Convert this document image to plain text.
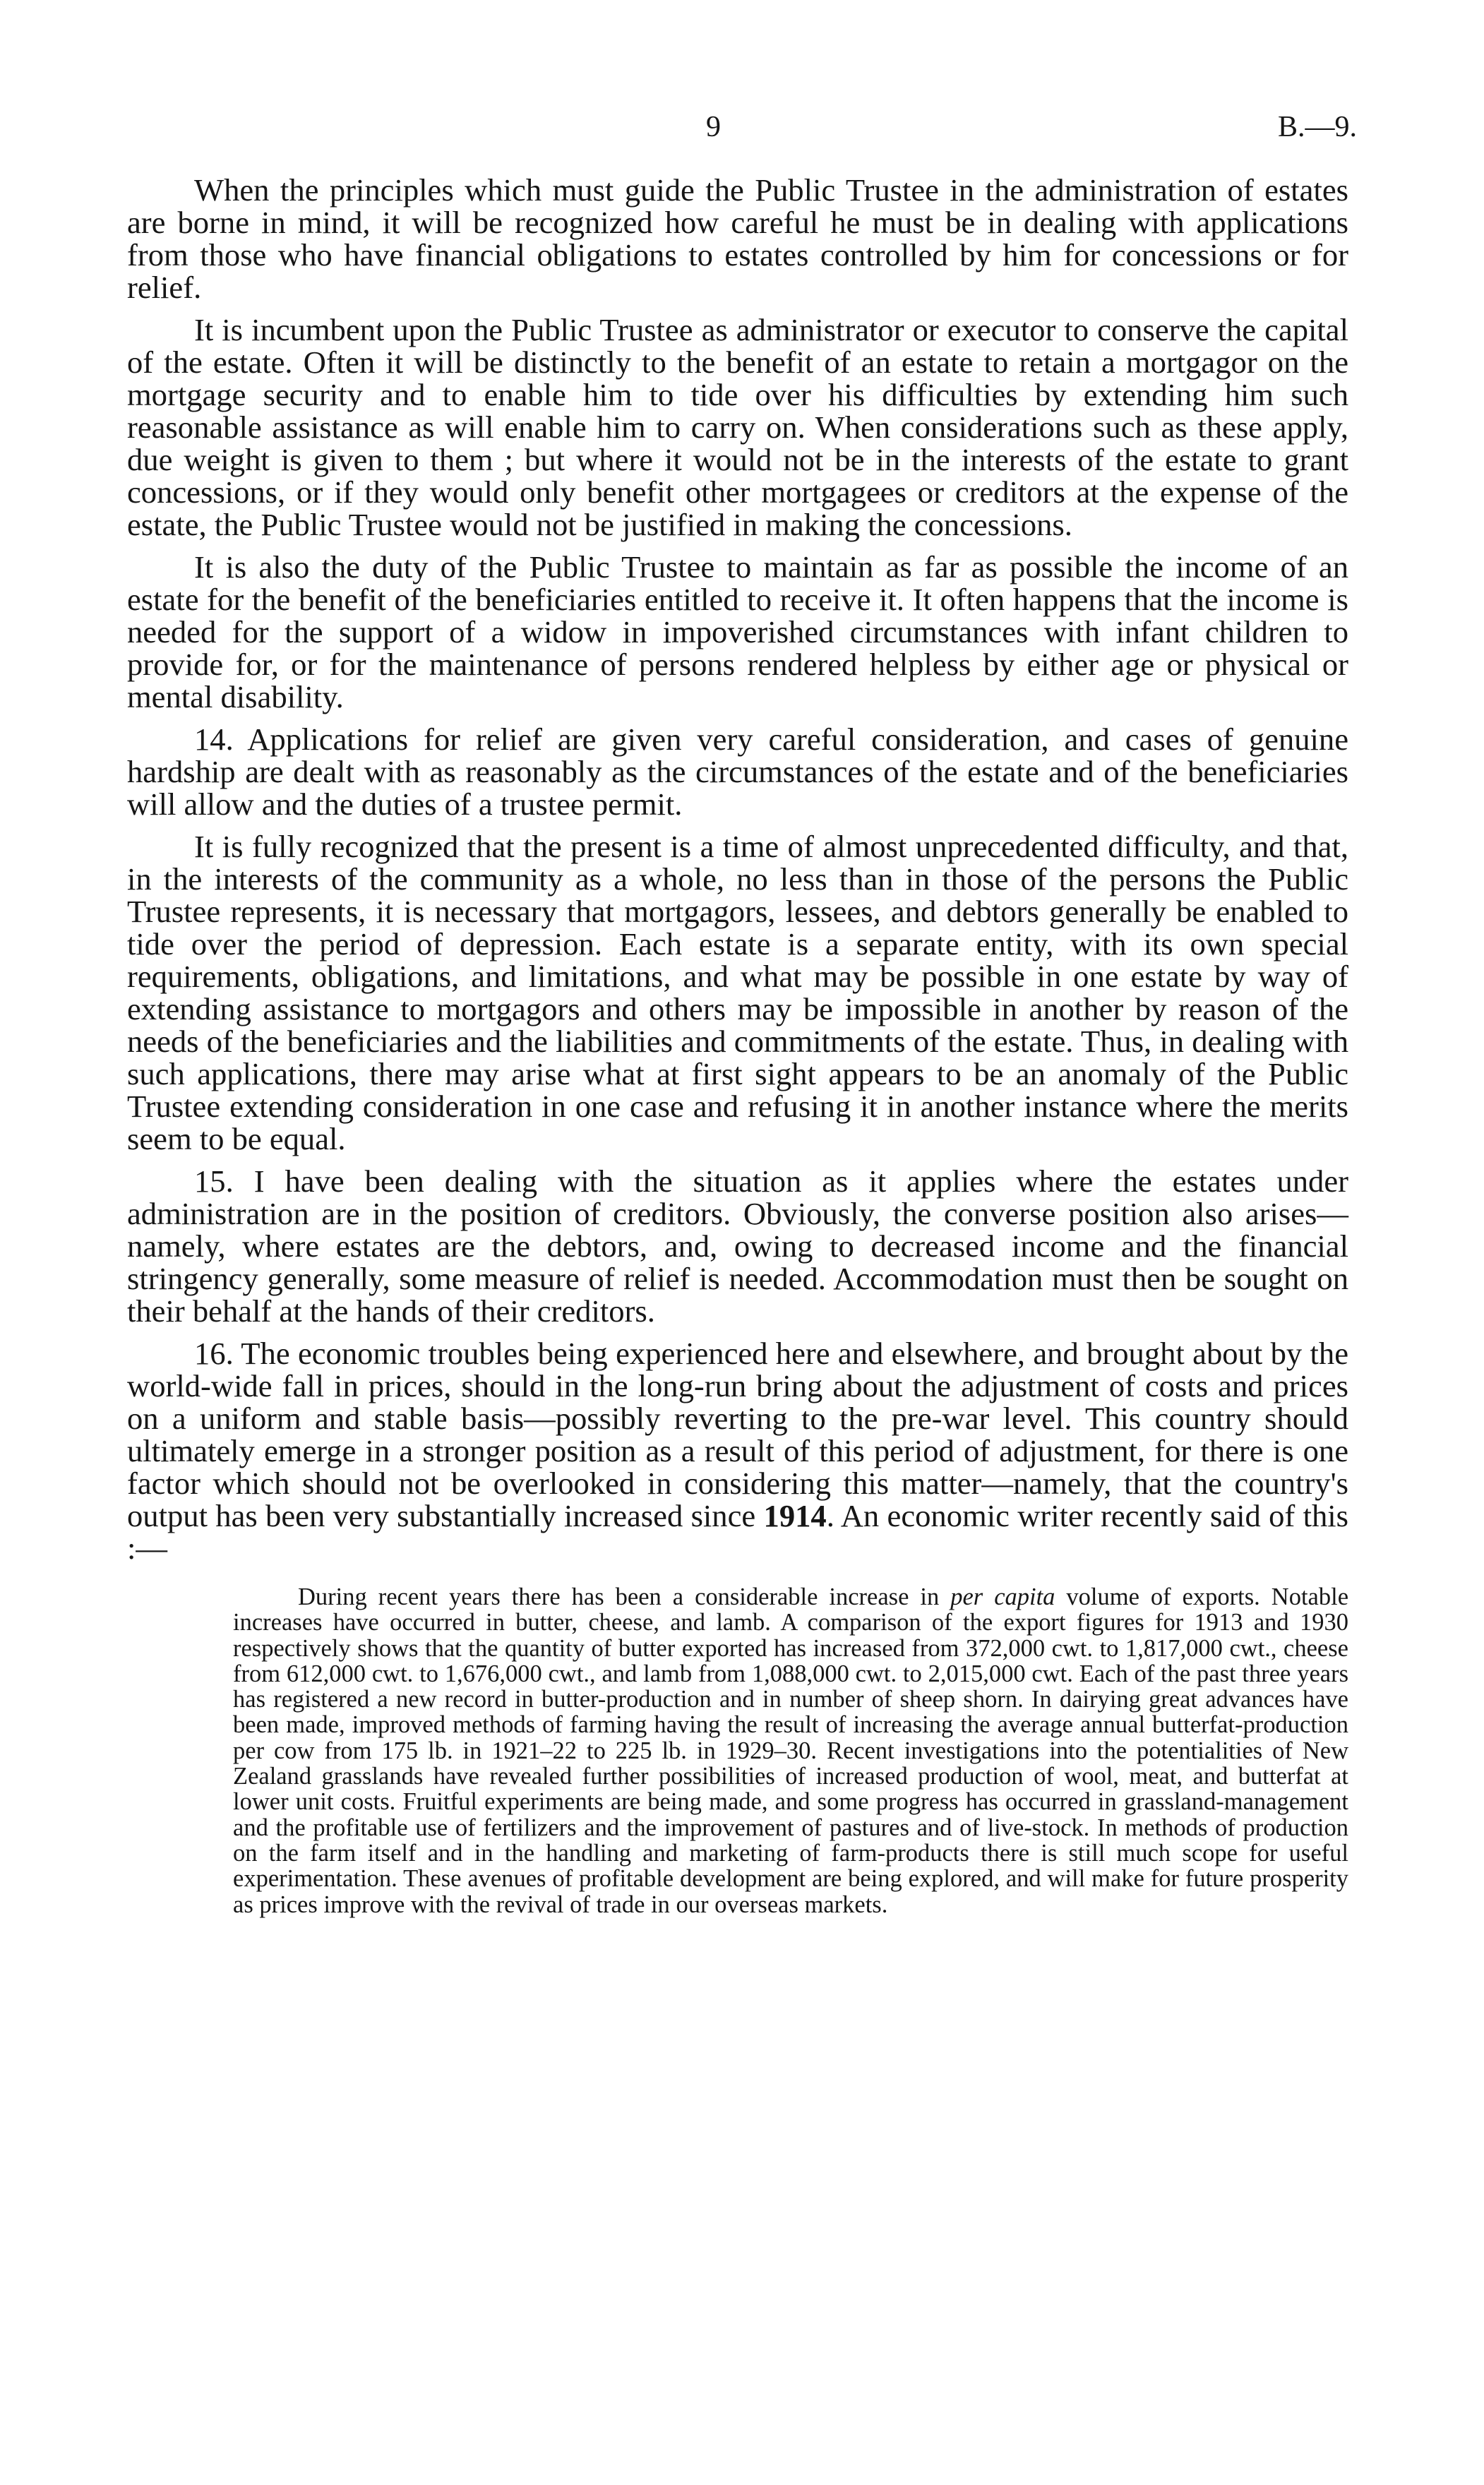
9	B.—9.

When the principles which must guide the Public Trustee in the administration of estates are borne in mind, it will be recognized how careful he must be in dealing with applications from those who have financial obligations to estates controlled by him for concessions or for relief.

It is incumbent upon the Public Trustee as administrator or executor to conserve the capital of the estate. Often it will be distinctly to the benefit of an estate to retain a mortgagor on the mortgage security and to enable him to tide over his difficulties by extending him such reasonable assistance as will enable him to carry on. When considerations such as these apply, due weight is given to them ; but where it would not be in the interests of the estate to grant concessions, or if they would only benefit other mortgagees or creditors at the expense of the estate, the Public Trustee would not be justified in making the concessions.

It is also the duty of the Public Trustee to maintain as far as possible the income of an estate for the benefit of the beneficiaries entitled to receive it. It often happens that the income is needed for the support of a widow in impoverished circumstances with infant children to provide for, or for the maintenance of persons rendered helpless by either age or physical or mental disability.

14. Applications for relief are given very careful consideration, and cases of genuine hardship are dealt with as reasonably as the circumstances of the estate and of the beneficiaries will allow and the duties of a trustee permit.

It is fully recognized that the present is a time of almost unprecedented difficulty, and that, in the interests of the community as a whole, no less than in those of the persons the Public Trustee represents, it is necessary that mortgagors, lessees, and debtors generally be enabled to tide over the period of depression. Each estate is a separate entity, with its own special requirements, obligations, and limitations, and what may be possible in one estate by way of extending assistance to mortgagors and others may be impossible in another by reason of the needs of the beneficiaries and the liabilities and commitments of the estate. Thus, in dealing with such applications, there may arise what at first sight appears to be an anomaly of the Public Trustee extending consideration in one case and refusing it in another instance where the merits seem to be equal.

15. I have been dealing with the situation as it applies where the estates under administration are in the position of creditors. Obviously, the converse position also arises—namely, where estates are the debtors, and, owing to decreased income and the financial stringency generally, some measure of relief is needed. Accommodation must then be sought on their behalf at the hands of their creditors.

16. The economic troubles being experienced here and elsewhere, and brought about by the world-wide fall in prices, should in the long-run bring about the adjustment of costs and prices on a uniform and stable basis—possibly reverting to the pre-war level. This country should ultimately emerge in a stronger position as a result of this period of adjustment, for there is one factor which should not be overlooked in considering this matter—namely, that the country's output has been very substantially increased since 1914. An economic writer recently said of this :—

During recent years there has been a considerable increase in per capita volume of exports. Notable increases have occurred in butter, cheese, and lamb. A comparison of the export figures for 1913 and 1930 respectively shows that the quantity of butter exported has increased from 372,000 cwt. to 1,817,000 cwt., cheese from 612,000 cwt. to 1,676,000 cwt., and lamb from 1,088,000 cwt. to 2,015,000 cwt. Each of the past three years has registered a new record in butter-production and in number of sheep shorn. In dairying great advances have been made, improved methods of farming having the result of increasing the average annual butterfat-production per cow from 175 lb. in 1921–22 to 225 lb. in 1929–30. Recent investigations into the potentialities of New Zealand grasslands have revealed further possibilities of increased production of wool, meat, and butterfat at lower unit costs. Fruitful experiments are being made, and some progress has occurred in grassland-management and the profitable use of fertilizers and the improvement of pastures and of live-stock. In methods of production on the farm itself and in the handling and marketing of farm-products there is still much scope for useful experimentation. These avenues of profitable development are being explored, and will make for future prosperity as prices improve with the revival of trade in our overseas markets.
